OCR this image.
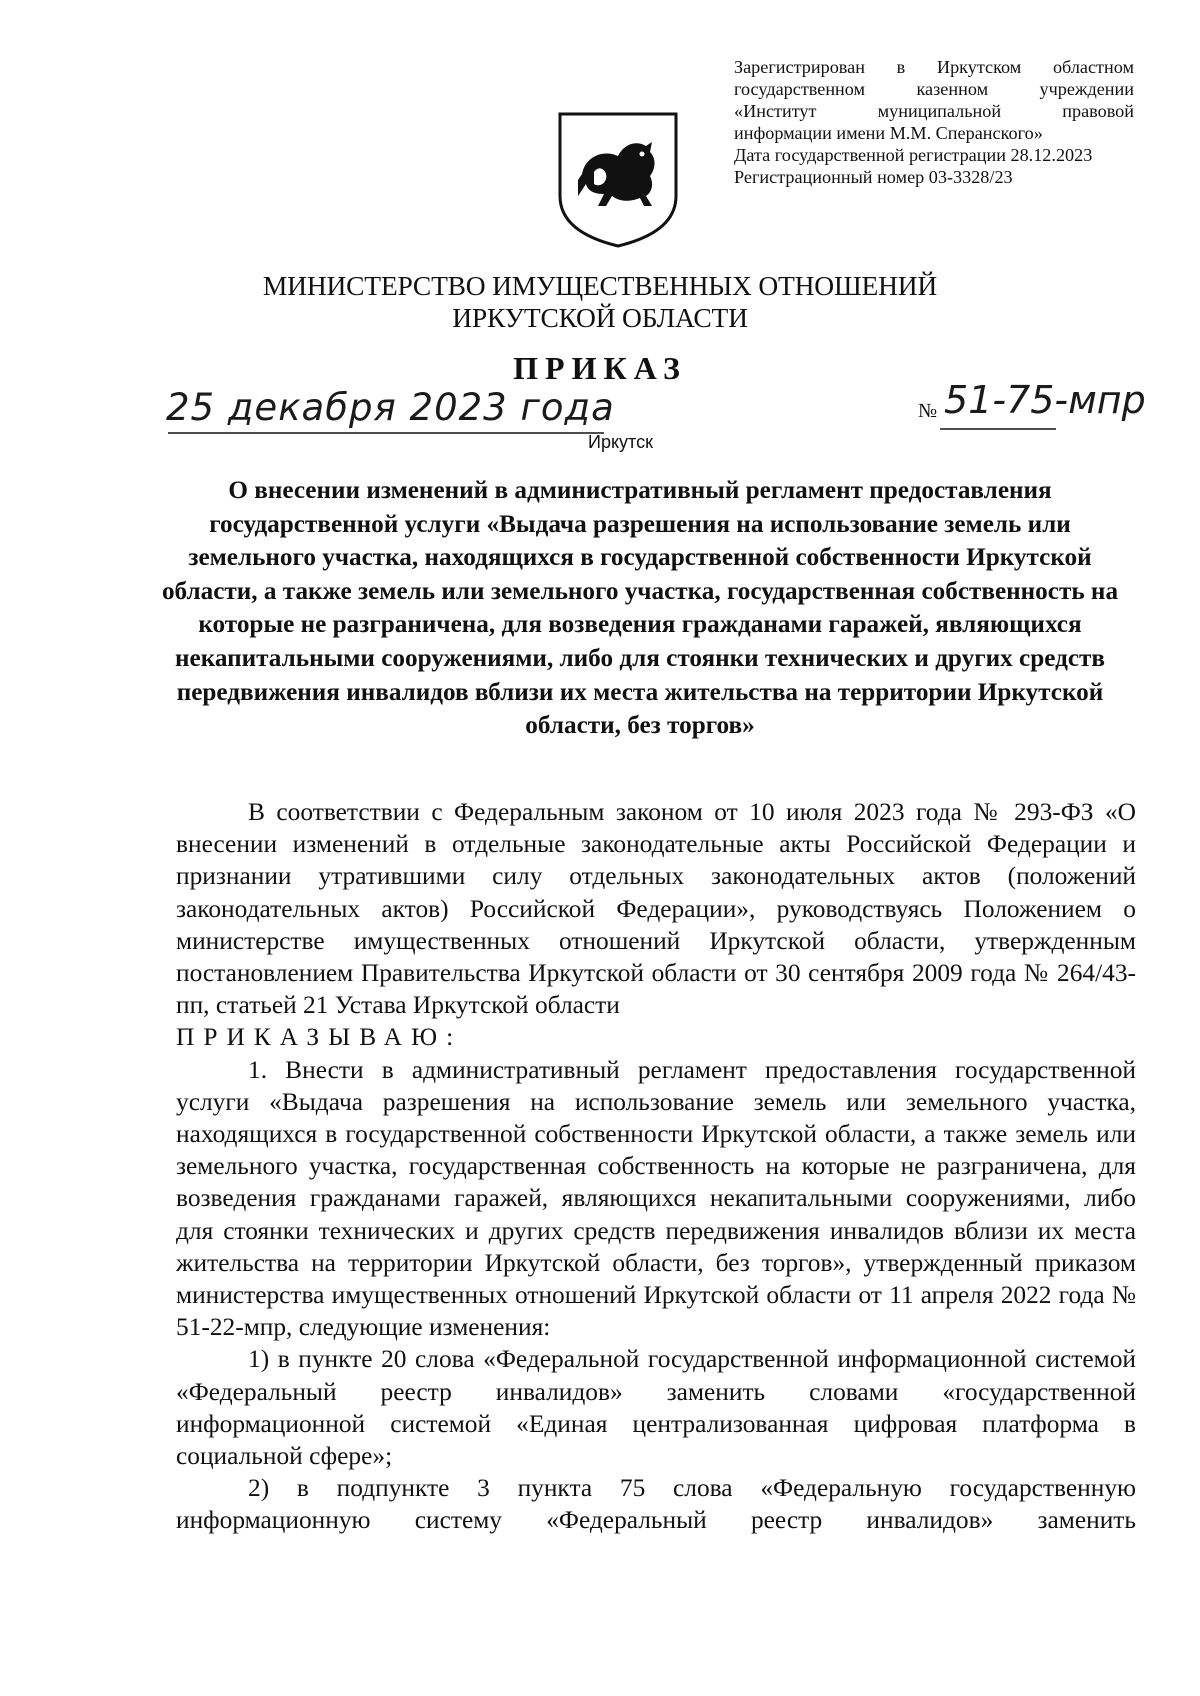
Зарегистрирован в Иркутском областном
государственном казенном учреждении
«Институт муниципальной правовой
информации имени М.М. Сперанского»
Дата государственной регистрации 28.12.2023
Регистрационный номер 03-3328/23
МИНИСТЕРСТВО ИМУЩЕСТВЕННЫХ ОТНОШЕНИЙ
ИРКУТСКОЙ ОБЛАСТИ
ПРИКАЗ
25 декабря 2023 года	№ 51-75-мпр
Иркутск
О внесении изменений в административный регламент предоставления государственной услуги «Выдача разрешения на использование земель или земельного участка, находящихся в государственной собственности Иркутской области, а также земель или земельного участка, государственная собственность на которые не разграничена, для возведения гражданами гаражей, являющихся некапитальными сооружениями, либо для стоянки технических и других средств передвижения инвалидов вблизи их места жительства на территории Иркутской области, без торгов»

В соответствии с Федеральным законом от 10 июля 2023 года № 293-ФЗ «О внесении изменений в отдельные законодательные акты Российской Федерации и признании утратившими силу отдельных законодательных актов (положений законодательных актов) Российской Федерации», руководствуясь Положением о министерстве имущественных отношений Иркутской области, утвержденным постановлением Правительства Иркутской области от 30 сентября 2009 года № 264/43-пп, статьей 21 Устава Иркутской области

ПРИКАЗЫВАЮ:

1. Внести в административный регламент предоставления государственной услуги «Выдача разрешения на использование земель или земельного участка, находящихся в государственной собственности Иркутской области, а также земель или земельного участка, государственная собственность на которые не разграничена, для возведения гражданами гаражей, являющихся некапитальными сооружениями, либо для стоянки технических и других средств передвижения инвалидов вблизи их места жительства на территории Иркутской области, без торгов», утвержденный приказом министерства имущественных отношений Иркутской области от 11 апреля 2022 года № 51-22-мпр, следующие изменения:

1) в пункте 20 слова «Федеральной государственной информационной системой «Федеральный реестр инвалидов» заменить словами «государственной информационной системой «Единая централизованная цифровая платформа в социальной сфере»;

2) в подпункте 3 пункта 75 слова «Федеральную государственную информационную систему «Федеральный реестр инвалидов» заменить
